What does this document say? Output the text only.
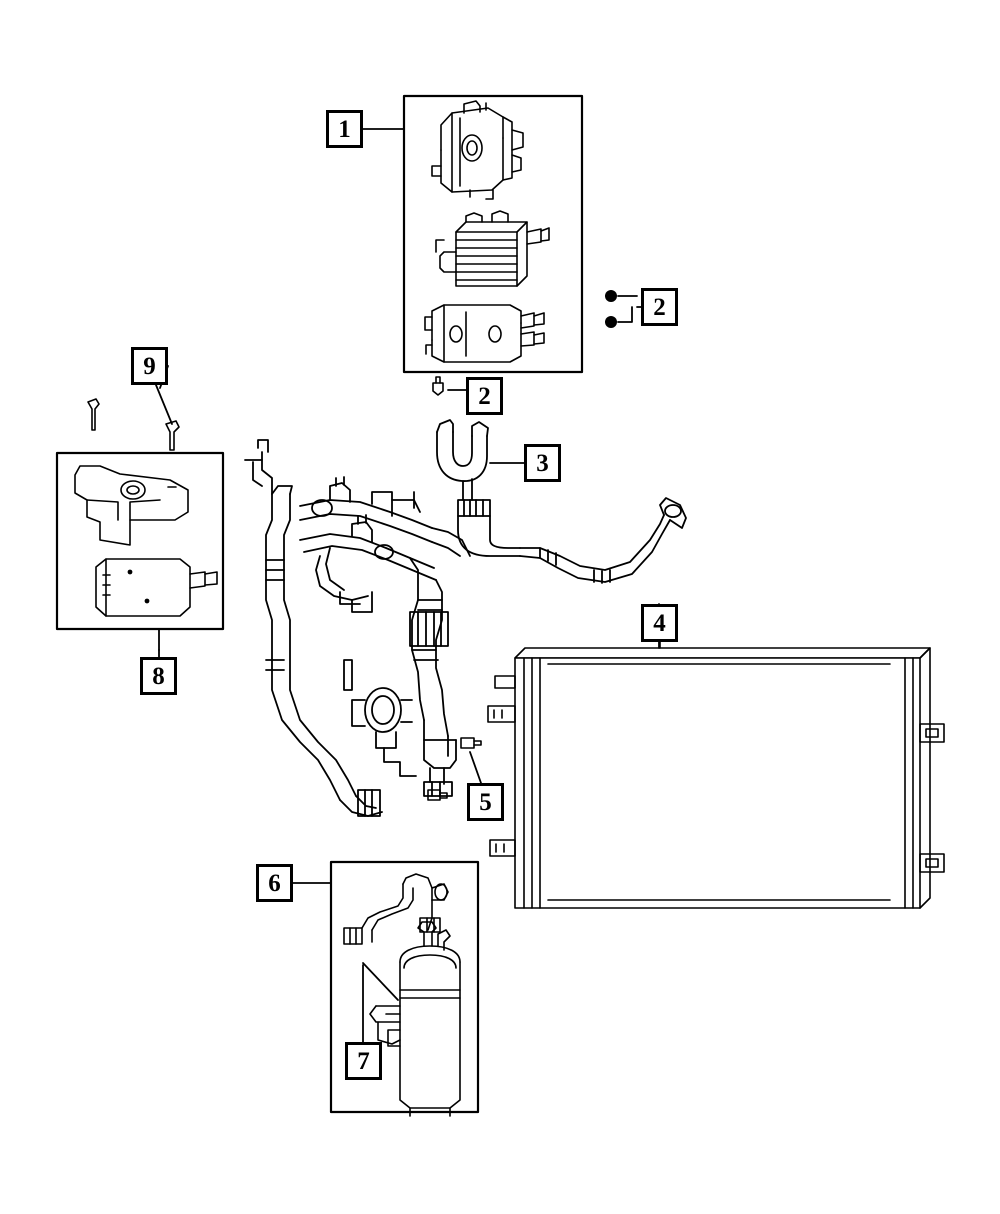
1
2
2
9
3
4
8
5
6
7
